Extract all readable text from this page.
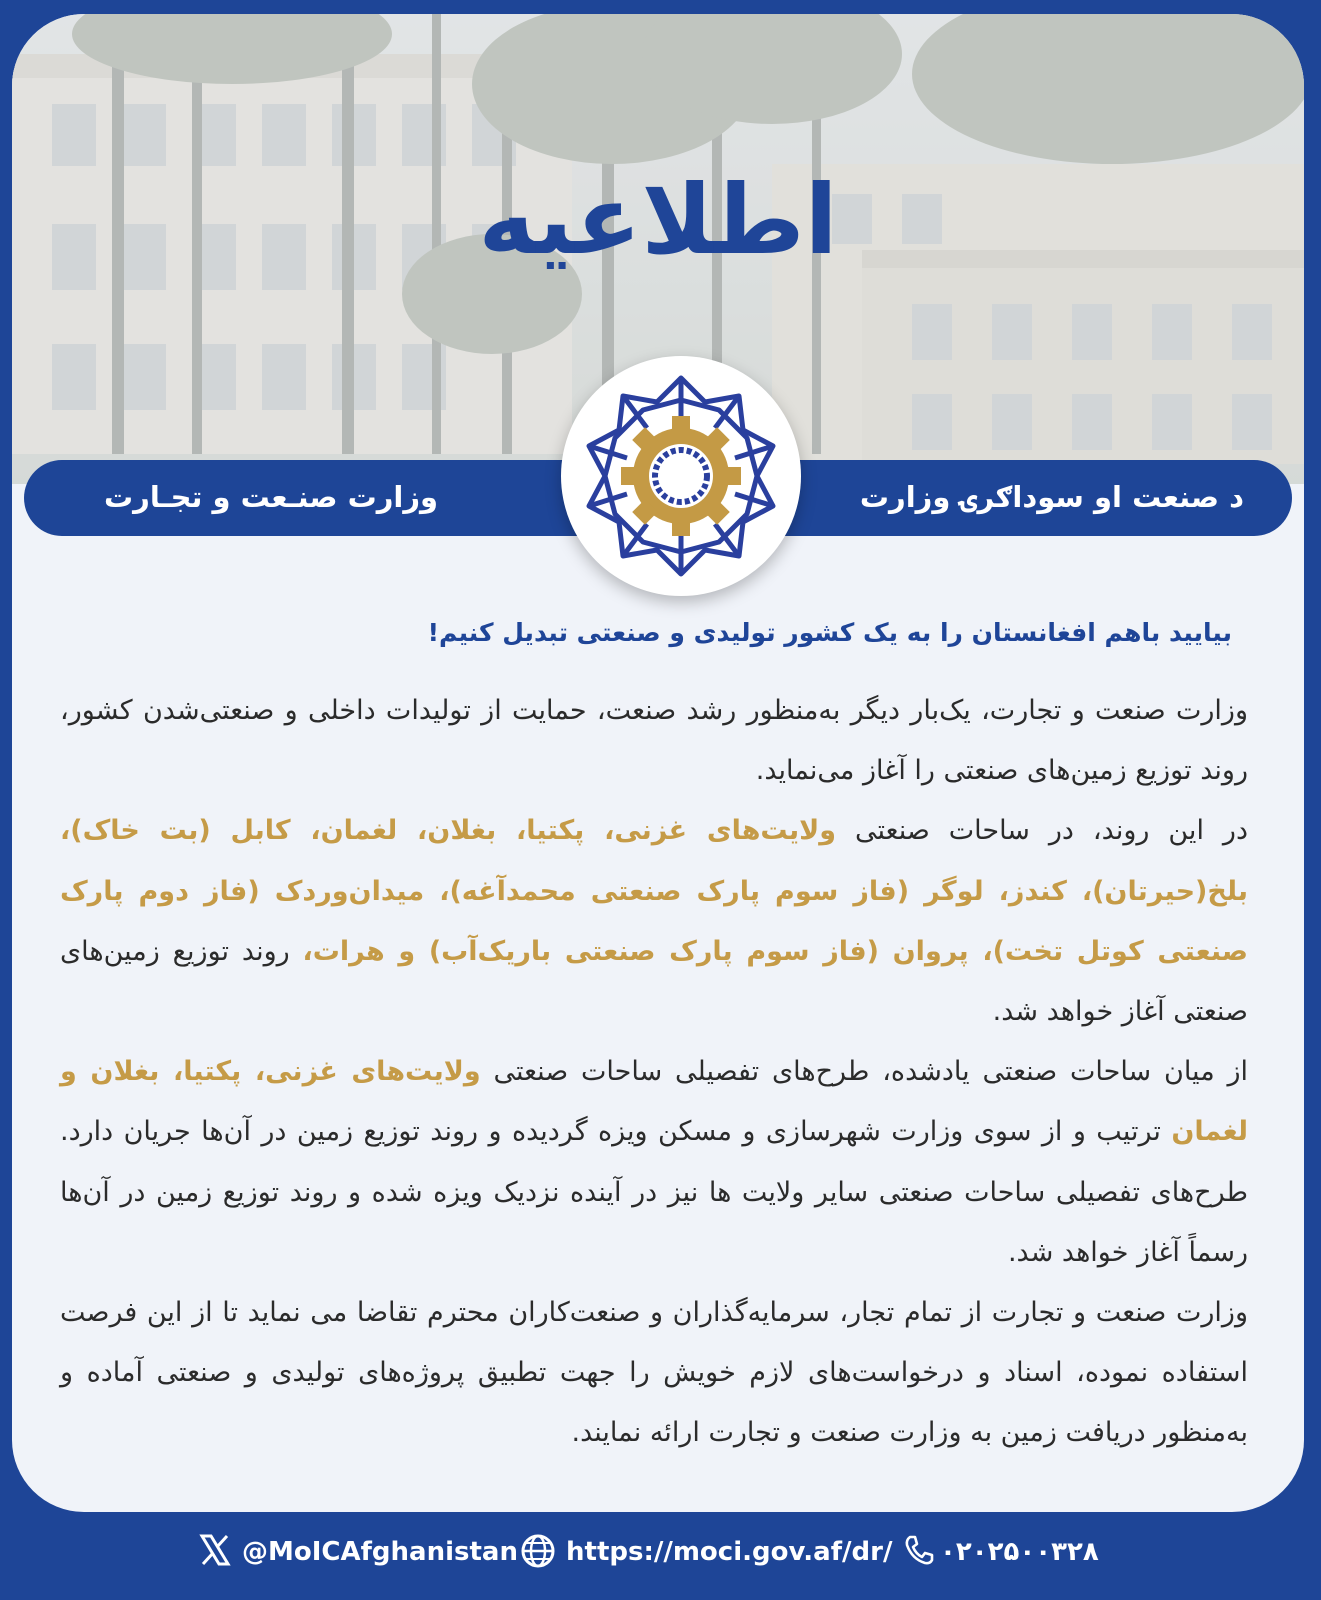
اطلاعیه
د صنعت او سوداګرۍ وزارت
وزارت صنـعت و تجـارت
بیایید باهم افغانستان را به یک کشور تولیدی و صنعتی تبدیل کنیم!

وزارت صنعت و تجارت، یک‌بار دیگر به‌منظور رشد صنعت، حمایت از تولیدات داخلی و صنعتی‌شدن کشور، روند توزیع زمین‌های صنعتی را آغاز می‌نماید.

در این روند، در ساحات صنعتی ولایت‌های غزنی، پکتیا، بغلان، لغمان، کابل (بت خاک)، بلخ(حیرتان)، کندز، لوگر (فاز سوم پارک صنعتی محمدآغه)، میدان‌وردک (فاز دوم پارک صنعتی کوتل تخت)، پروان (فاز سوم پارک صنعتی باریک‌آب) و هرات، روند توزیع زمین‌های صنعتی آغاز خواهد شد.

از میان ساحات صنعتی یادشده، طرح‌های تفصیلی ساحات صنعتی ولایت‌های غزنی، پکتیا، بغلان و لغمان ترتیب و از سوی وزارت شهرسازی و مسکن ویزه گردیده و روند توزیع زمین در آن‌ها جریان دارد. طرح‌های تفصیلی ساحات صنعتی سایر ولایت ها نیز در آینده نزدیک ویزه شده و روند توزیع زمین در آن‌ها رسماً آغاز خواهد شد.

وزارت صنعت و تجارت از تمام تجار، سرمایه‌گذاران و صنعت‌کاران محترم تقاضا می نماید تا از این فرصت استفاده نموده، اسناد و درخواست‌های لازم خویش را جهت تطبیق پروژه‌های تولیدی و صنعتی آماده و به‌منظور دریافت زمین به وزارت صنعت و تجارت ارائه نمایند.

@MoICAfghanistan https://moci.gov.af/dr/ ۰۲۰۲۵۰۰۳۲۸
